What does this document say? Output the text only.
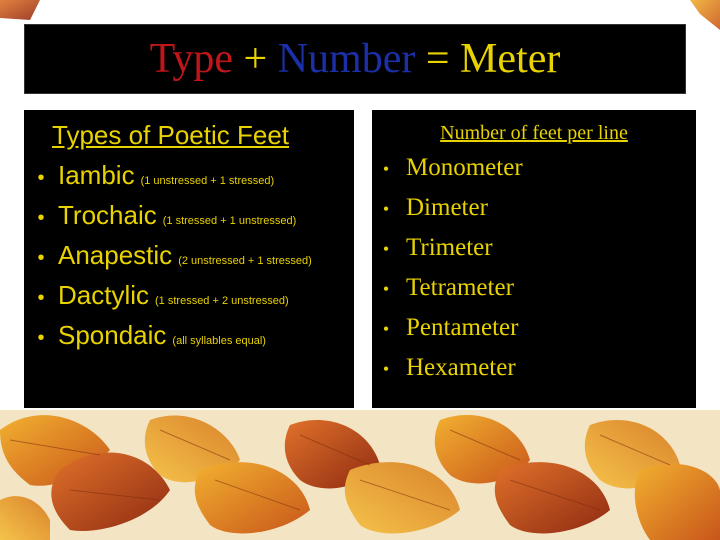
Type
+
Number
=
Meter
Types of Poetic Feet
• Iambic (1 unstressed + 1 stressed)
• Trochaic (1 stressed + 1 unstressed)
• Anapestic (2 unstressed + 1 stressed)
• Dactylic (1 stressed + 2 unstressed)
• Spondaic (all syllables equal)
Number of feet per line
• Monometer
• Dimeter
• Trimeter
• Tetrameter
• Pentameter
• Hexameter
